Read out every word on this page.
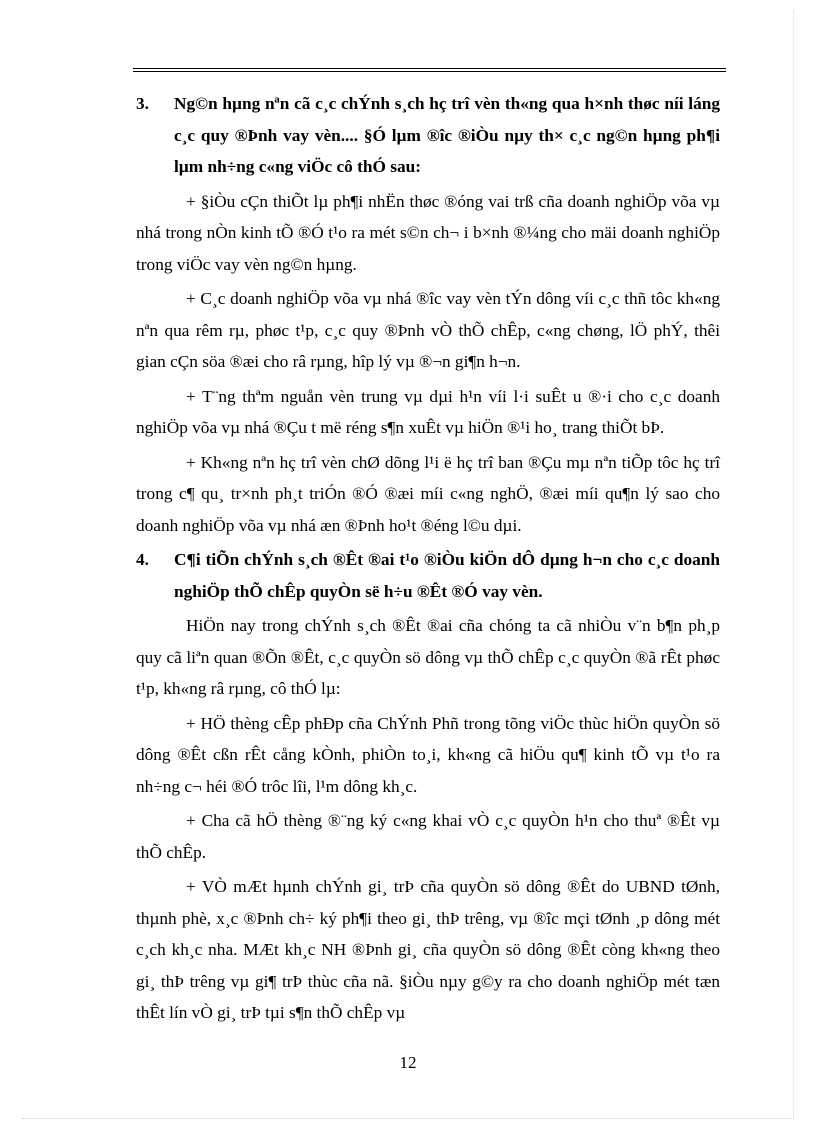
3.	Ng©n hµng nªn cã c¸c chÝnh s¸ch hç trî vèn th«ng qua h×nh thøc níi láng c¸c quy ®Þnh vay vèn.... §Ó lµm ®îc ®iÒu nµy th× c¸c ng©n hµng ph¶i lµm nh÷ng c«ng viÖc cô thÓ sau:

+ §iÒu cÇn thiÕt lµ ph¶i nhËn thøc ®óng vai trß cña doanh nghiÖp võa vµ nhá trong nÒn kinh tÕ ®Ó t¹o ra mét s©n ch¬ i b×nh ®¼ng cho mäi doanh nghiÖp trong viÖc vay vèn ng©n hµng.

+ C¸c doanh nghiÖp võa vµ nhá ®îc vay vèn tÝn dông víi c¸c thñ tôc kh«ng nªn qua rêm rµ, phøc t¹p, c¸c quy ®Þnh vÒ thÕ chÊp, c«ng chøng, lÖ phÝ, thêi gian cÇn söa ®æi cho râ rµng, hîp lý vµ ®¬n gi¶n h¬n.

+ T¨ng thªm nguån vèn trung vµ dµi h¹n víi l·i suÊt u ®·i cho c¸c doanh nghiÖp võa vµ nhá ®Çu t më réng s¶n xuÊt vµ hiÖn ®¹i ho¸ trang thiÕt bÞ.

+ Kh«ng nªn hç trî vèn chØ dõng l¹i ë hç trî ban ®Çu mµ nªn tiÕp tôc hç trî trong c¶ qu¸ tr×nh ph¸t triÓn ®Ó ®æi míi c«ng nghÖ, ®æi míi qu¶n lý sao cho doanh nghiÖp võa vµ nhá æn ®Þnh ho¹t ®éng l©u dµi.

4.	C¶i tiÕn chÝnh s¸ch ®Êt ®ai t¹o ®iÒu kiÖn dÔ dµng h¬n cho c¸c doanh nghiÖp thÕ chÊp quyÒn së h÷u ®Êt ®Ó vay vèn.

HiÖn nay trong chÝnh s¸ch ®Êt ®ai cña chóng ta cã nhiÒu v¨n b¶n ph¸p quy cã liªn quan ®Õn ®Êt, c¸c quyÒn sö dông vµ thÕ chÊp c¸c quyÒn ®ã rÊt phøc t¹p, kh«ng râ rµng, cô thÓ lµ:

+ HÖ thèng cÊp phÐp cña ChÝnh Phñ trong tõng viÖc thùc hiÖn quyÒn sö dông ®Êt cßn rÊt cång kÒnh, phiÒn to¸i, kh«ng cã hiÖu qu¶ kinh tÕ vµ t¹o ra nh÷ng c¬ héi ®Ó trôc lîi, l¹m dông kh¸c.

+ Cha cã hÖ thèng ®¨ng ký c«ng khai vÒ c¸c quyÒn h¹n cho thuª ®Êt vµ thÕ chÊp.

+ VÒ mÆt hµnh chÝnh gi¸ trÞ cña quyÒn sö dông ®Êt do UBND tØnh, thµnh phè, x¸c ®Þnh ch÷ ký ph¶i theo gi¸ thÞ trêng, vµ ®îc mçi tØnh ¸p dông mét c¸ch kh¸c nha. MÆt kh¸c NH ®Þnh gi¸ cña quyÒn sö dông ®Êt còng kh«ng theo gi¸ thÞ trêng vµ gi¶ trÞ thùc cña nã. §iÒu nµy g©y ra cho doanh nghiÖp mét tæn thÊt lín vÒ gi¸ trÞ tµi s¶n thÕ chÊp vµ

12
